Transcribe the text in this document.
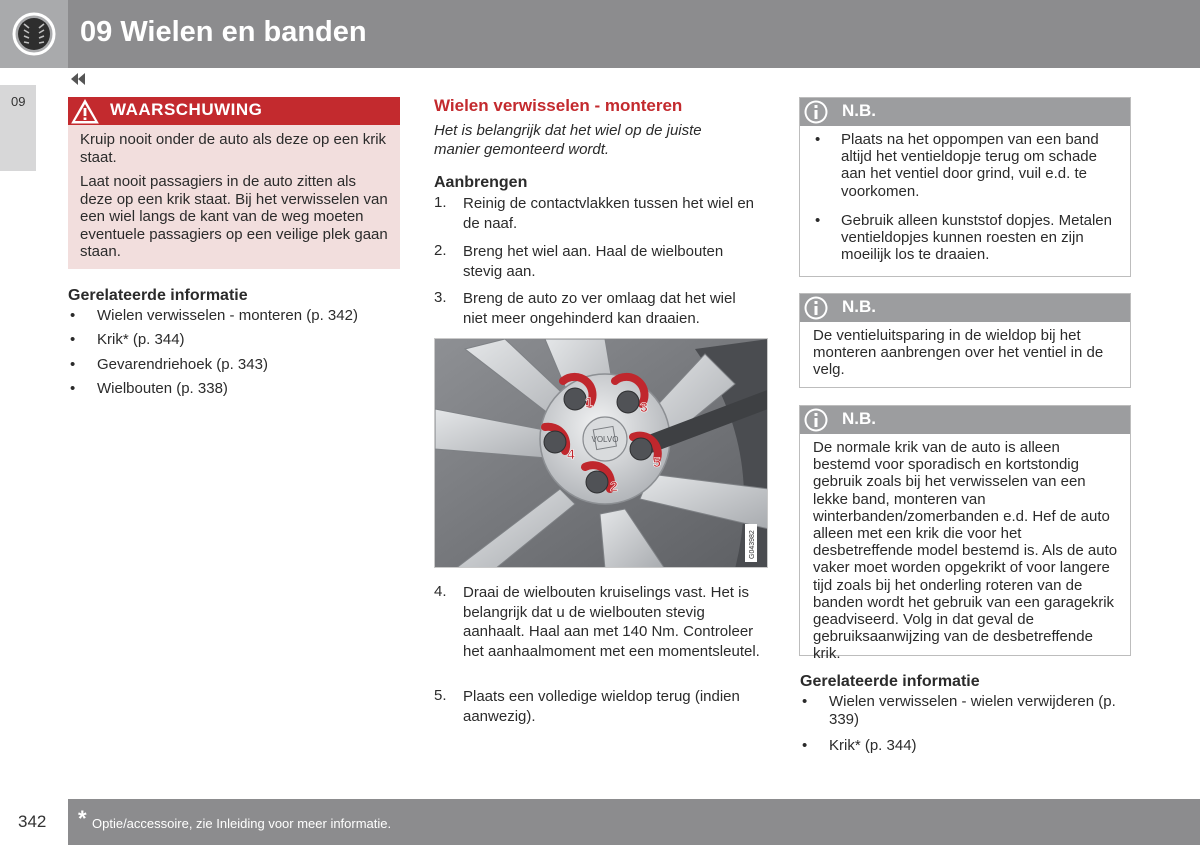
09 Wielen en banden
09	WAARSCHUWING
Kruip nooit onder de auto als deze op een krik staat.
Laat nooit passagiers in de auto zitten als deze op een krik staat. Bij het verwisselen van een wiel langs de kant van de weg moeten eventuele passagiers op een veilige plek gaan staan.
Gerelateerde informatie
• Wielen verwisselen - monteren (p. 342)
• Krik* (p. 344)
• Gevarendriehoek (p. 343)
• Wielbouten (p. 338)
Wielen verwisselen - monteren
Het is belangrijk dat het wiel op de juiste manier gemonteerd wordt.
Aanbrengen
1. Reinig de contactvlakken tussen het wiel en de naaf.
2. Breng het wiel aan. Haal de wielbouten stevig aan.
3. Breng de auto zo ver omlaag dat het wiel niet meer ongehinderd kan draaien.
VOLVO
1
2
3
4	5
G043982
4. Draai de wielbouten kruiselings vast. Het is belangrijk dat u de wielbouten stevig aanhaalt. Haal aan met 140 Nm. Controleer het aanhaalmoment met een momentsleutel.
5. Plaats een volledige wieldop terug (indien aanwezig).
N.B.
• Plaats na het oppompen van een band altijd het ventieldopje terug om schade aan het ventiel door grind, vuil e.d. te voorkomen.
• Gebruik alleen kunststof dopjes. Metalen ventieldopjes kunnen roesten en zijn moeilijk los te draaien.
N.B.
De ventieluitsparing in de wieldop bij het monteren aanbrengen over het ventiel in de velg.
N.B.
De normale krik van de auto is alleen bestemd voor sporadisch en kortstondig gebruik zoals bij het verwisselen van een lekke band, monteren van winterbanden/zomerbanden e.d. Hef de auto alleen met een krik die voor het desbetreffende model bestemd is. Als de auto vaker moet worden opgekrikt of voor langere tijd zoals bij het onderling roteren van de banden wordt het gebruik van een garagekrik geadviseerd. Volg in dat geval de gebruiksaanwijzing van de desbetreffende krik.
Gerelateerde informatie
• Wielen verwisselen - wielen verwijderen (p. 339)
• Krik* (p. 344)
342 * Optie/accessoire, zie Inleiding voor meer informatie.
